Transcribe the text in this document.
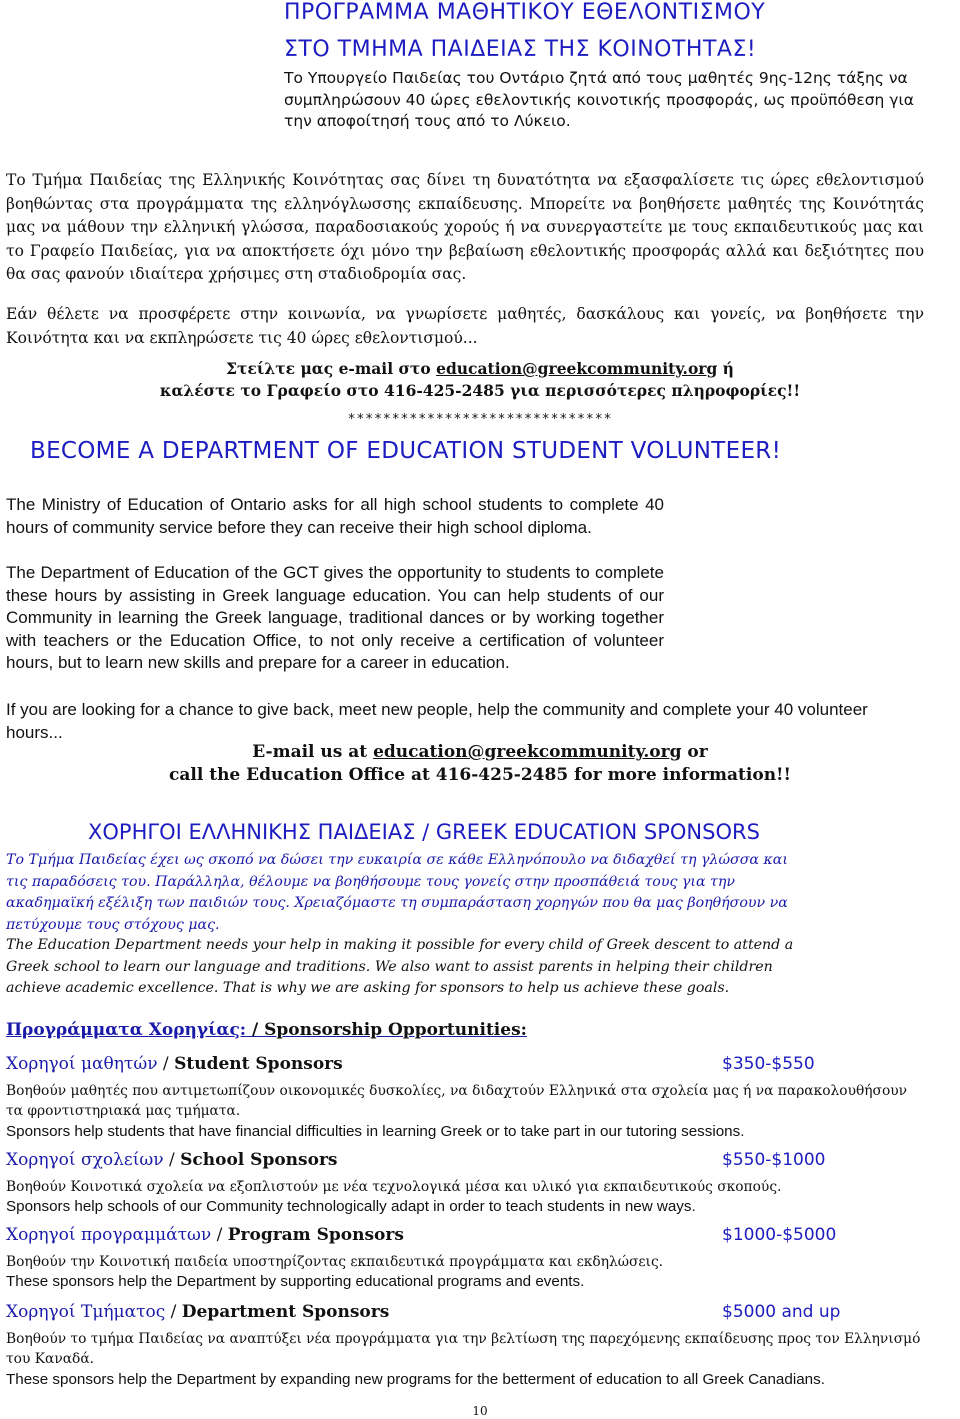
ΠΡΟΓΡΑΜΜΑ ΜΑΘΗΤΙΚΟΥ ΕΘΕΛΟΝΤΙΣΜΟΥ
ΣΤΟ ΤΜΗΜΑ ΠΑΙΔΕΙΑΣ ΤΗΣ ΚΟΙΝΟΤΗΤΑΣ!
Το Υπουργείο Παιδείας του Οντάριο ζητά από τους μαθητές 9ης-12ης τάξης να συμπληρώσουν 40 ώρες εθελοντικής κοινοτικής προσφοράς, ως προϋπόθεση για την αποφοίτησή τους από το Λύκειο.
Το Τμήμα Παιδείας της Ελληνικής Κοινότητας σας δίνει τη δυνατότητα να εξασφαλίσετε τις ώρες εθελοντισμού βοηθώντας στα προγράμματα της ελληνόγλωσσης εκπαίδευσης. Μπορείτε να βοηθήσετε μαθητές της Κοινότητάς μας να μάθουν την ελληνική γλώσσα, παραδοσιακούς χορούς ή να συνεργαστείτε με τους εκπαιδευτικούς μας και το Γραφείο Παιδείας, για να αποκτήσετε όχι μόνο την βεβαίωση εθελοντικής προσφοράς αλλά και δεξιότητες που θα σας φανούν ιδιαίτερα χρήσιμες στη σταδιοδρομία σας.
Εάν θέλετε να προσφέρετε στην κοινωνία, να γνωρίσετε μαθητές, δασκάλους και γονείς, να βοηθήσετε την Κοινότητα και να εκπληρώσετε τις 40 ώρες εθελοντισμού...
Στείλτε μας e-mail στο education@greekcommunity.org ή
καλέστε το Γραφείο στο 416-425-2485 για περισσότερες πληροφορίες!!
******************************
BECOME A DEPARTMENT OF EDUCATION STUDENT VOLUNTEER!
The Ministry of Education of Ontario asks for all high school students to complete 40 hours of community service before they can receive their high school diploma.
The Department of Education of the GCT gives the opportunity to students to complete these hours by assisting in Greek language education. You can help students of our Community in learning the Greek language, traditional dances or by working together with teachers or the Education Office, to not only receive a certification of volunteer hours, but to learn new skills and prepare for a career in education.
If you are looking for a chance to give back, meet new people, help the community and complete your 40 volunteer hours...
E-mail us at education@greekcommunity.org or
call the Education Office at 416-425-2485 for more information!!
ΧΟΡΗΓΟΙ ΕΛΛΗΝΙΚΗΣ ΠΑΙΔΕΙΑΣ / GREEK EDUCATION SPONSORS
Το Τμήμα Παιδείας έχει ως σκοπό να δώσει την ευκαιρία σε κάθε Ελληνόπουλο να διδαχθεί τη γλώσσα και τις παραδόσεις του. Παράλληλα, θέλουμε να βοηθήσουμε τους γονείς στην προσπάθειά τους για την ακαδημαϊκή εξέλιξη των παιδιών τους. Χρειαζόμαστε τη συμπαράσταση χορηγών που θα μας βοηθήσουν να πετύχουμε τους στόχους μας.
The Education Department needs your help in making it possible for every child of Greek descent to attend a Greek school to learn our language and traditions. We also want to assist parents in helping their children achieve academic excellence. That is why we are asking for sponsors to help us achieve these goals.
Προγράμματα Χορηγίας: / Sponsorship Opportunities:
Χορηγοί μαθητών / Student Sponsors	$350-$550
Βοηθούν μαθητές που αντιμετωπίζουν οικονομικές δυσκολίες, να διδαχτούν Ελληνικά στα σχολεία μας ή να παρακολουθήσουν τα φροντιστηριακά μας τμήματα.
Sponsors help students that have financial difficulties in learning Greek or to take part in our tutoring sessions.
Χορηγοί σχολείων / School Sponsors	$550-$1000
Βοηθούν Κοινοτικά σχολεία να εξοπλιστούν με νέα τεχνολογικά μέσα και υλικό για εκπαιδευτικούς σκοπούς.
Sponsors help schools of our Community technologically adapt in order to teach students in new ways.
Χορηγοί προγραμμάτων / Program Sponsors	$1000-$5000
Βοηθούν την Κοινοτική παιδεία υποστηρίζοντας εκπαιδευτικά προγράμματα και εκδηλώσεις.
These sponsors help the Department by supporting educational programs and events.
Χορηγοί Τμήματος / Department Sponsors	$5000 and up
Βοηθούν το τμήμα Παιδείας να αναπτύξει νέα προγράμματα για την βελτίωση της παρεχόμενης εκπαίδευσης προς τον Ελληνισμό του Καναδά.
These sponsors help the Department by expanding new programs for the betterment of education to all Greek Canadians.
10
